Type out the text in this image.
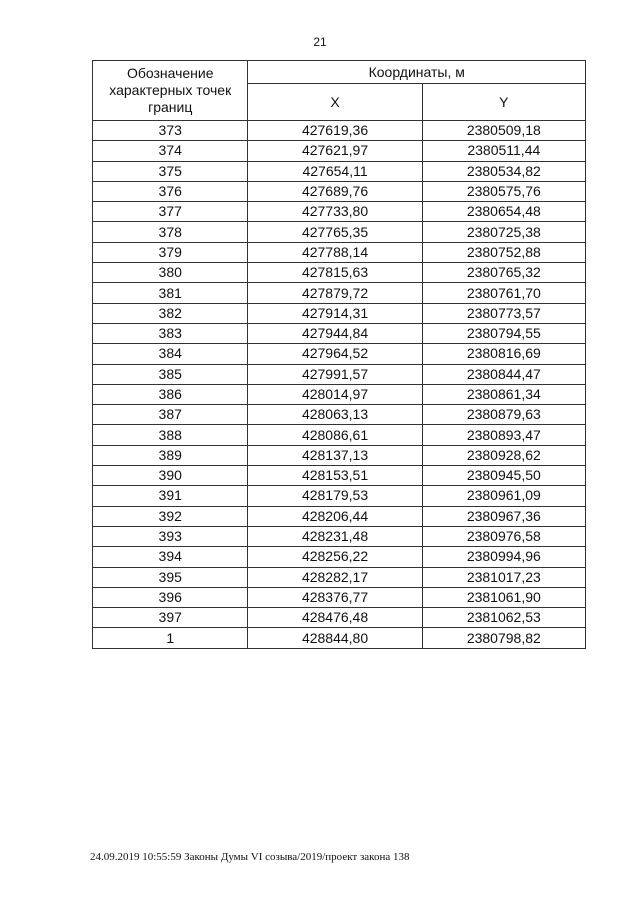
21
Обозначение характерных точек границ	Координаты, м	
	X	Y
373	427619,36	2380509,18
374	427621,97	2380511,44
375	427654,11	2380534,82
376	427689,76	2380575,76
377	427733,80	2380654,48
378	427765,35	2380725,38
379	427788,14	2380752,88
380	427815,63	2380765,32
381	427879,72	2380761,70
382	427914,31	2380773,57
383	427944,84	2380794,55
384	427964,52	2380816,69
385	427991,57	2380844,47
386	428014,97	2380861,34
387	428063,13	2380879,63
388	428086,61	2380893,47
389	428137,13	2380928,62
390	428153,51	2380945,50
391	428179,53	2380961,09
392	428206,44	2380967,36
393	428231,48	2380976,58
394	428256,22	2380994,96
395	428282,17	2381017,23
396	428376,77	2381061,90
397	428476,48	2381062,53
1	428844,80	2380798,82
24.09.2019 10:55:59 Законы Думы VI созыва/2019/проект закона 138
